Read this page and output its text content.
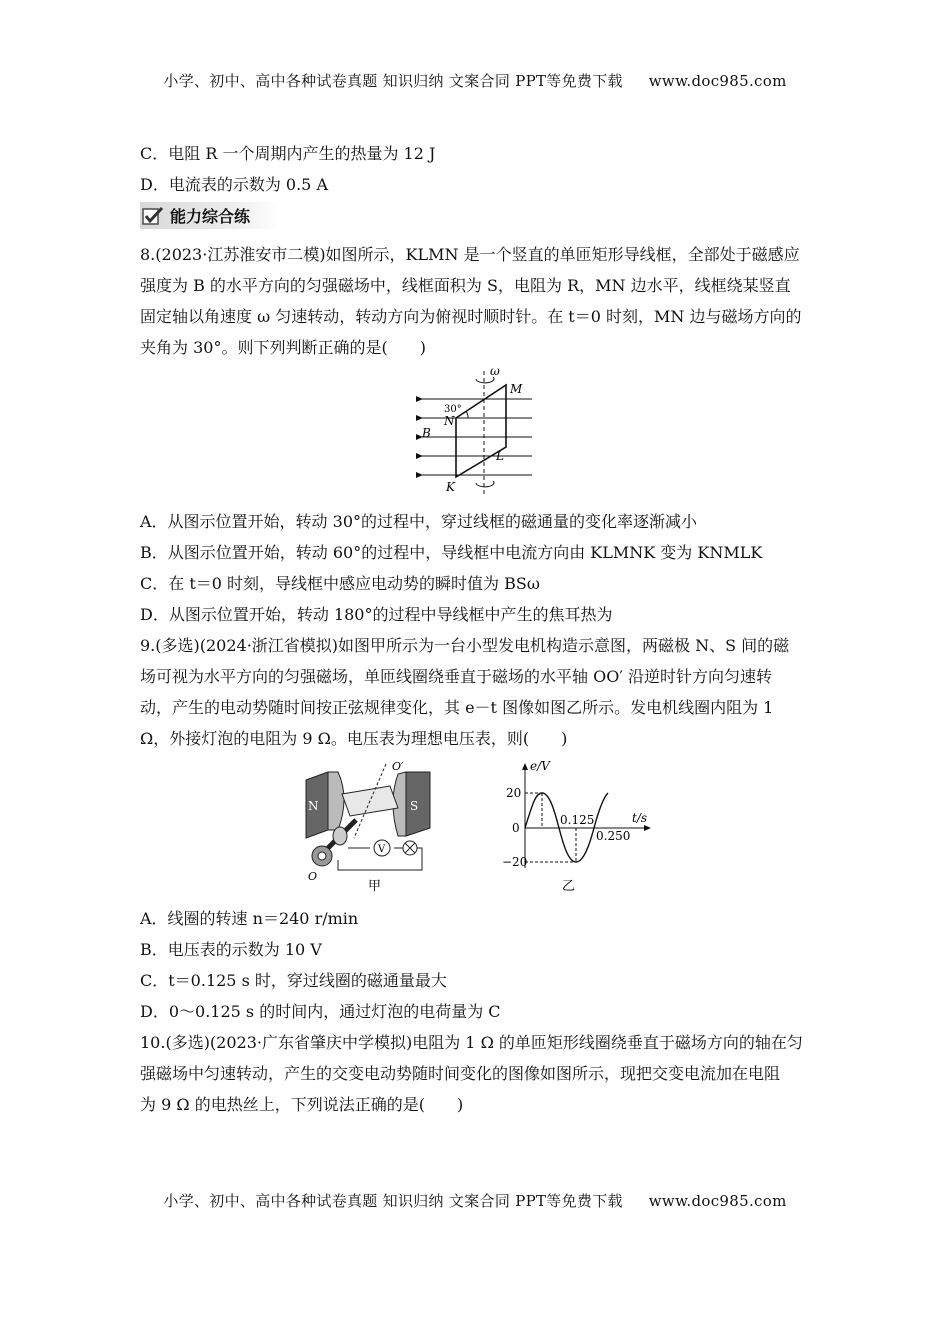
小学、初中、高中各种试卷真题 知识归纳 文案合同 PPT等免费下载 www.doc985.com
C．电阻 R 一个周期内产生的热量为 12 J
D．电流表的示数为 0.5 A
能力综合练
8.(2023·江苏淮安市二模)如图所示，KLMN 是一个竖直的单匝矩形导线框，全部处于磁感应
强度为 B 的水平方向的匀强磁场中，线框面积为 S，电阻为 R，MN 边水平，线框绕某竖直
固定轴以角速度 ω 匀速转动，转动方向为俯视时顺时针。在 t＝0 时刻，MN 边与磁场方向的
夹角为 30°。则下列判断正确的是(　　)
ω
M
N
B
L
K
30°
A．从图示位置开始，转动 30°的过程中，穿过线框的磁通量的变化率逐渐减小
B．从图示位置开始，转动 60°的过程中，导线框中电流方向由 KLMNK 变为 KNMLK
C．在 t＝0 时刻，导线框中感应电动势的瞬时值为 BSω
D．从图示位置开始，转动 180°的过程中导线框中产生的焦耳热为
9.(多选)(2024·浙江省模拟)如图甲所示为一台小型发电机构造示意图，两磁极 N、S 间的磁
场可视为水平方向的匀强磁场，单匝线圈绕垂直于磁场的水平轴 OO′ 沿逆时针方向匀速转
动，产生的电动势随时间按正弦规律变化，其 e－t 图像如图乙所示。发电机线圈内阻为 1
Ω，外接灯泡的电阻为 9 Ω。电压表为理想电压表，则(　　)
N	S
O′
O
V
甲
e/V
t/s
20
0
−20
0.125
0.250
乙
A．线圈的转速 n＝240 r/min
B．电压表的示数为 10 V
C．t＝0.125 s 时，穿过线圈的磁通量最大
D．0～0.125 s 的时间内，通过灯泡的电荷量为 C
10.(多选)(2023·广东省肇庆中学模拟)电阻为 1 Ω 的单匝矩形线圈绕垂直于磁场方向的轴在匀
强磁场中匀速转动，产生的交变电动势随时间变化的图像如图所示，现把交变电流加在电阻
为 9 Ω 的电热丝上，下列说法正确的是(　　)
小学、初中、高中各种试卷真题 知识归纳 文案合同 PPT等免费下载 www.doc985.com
